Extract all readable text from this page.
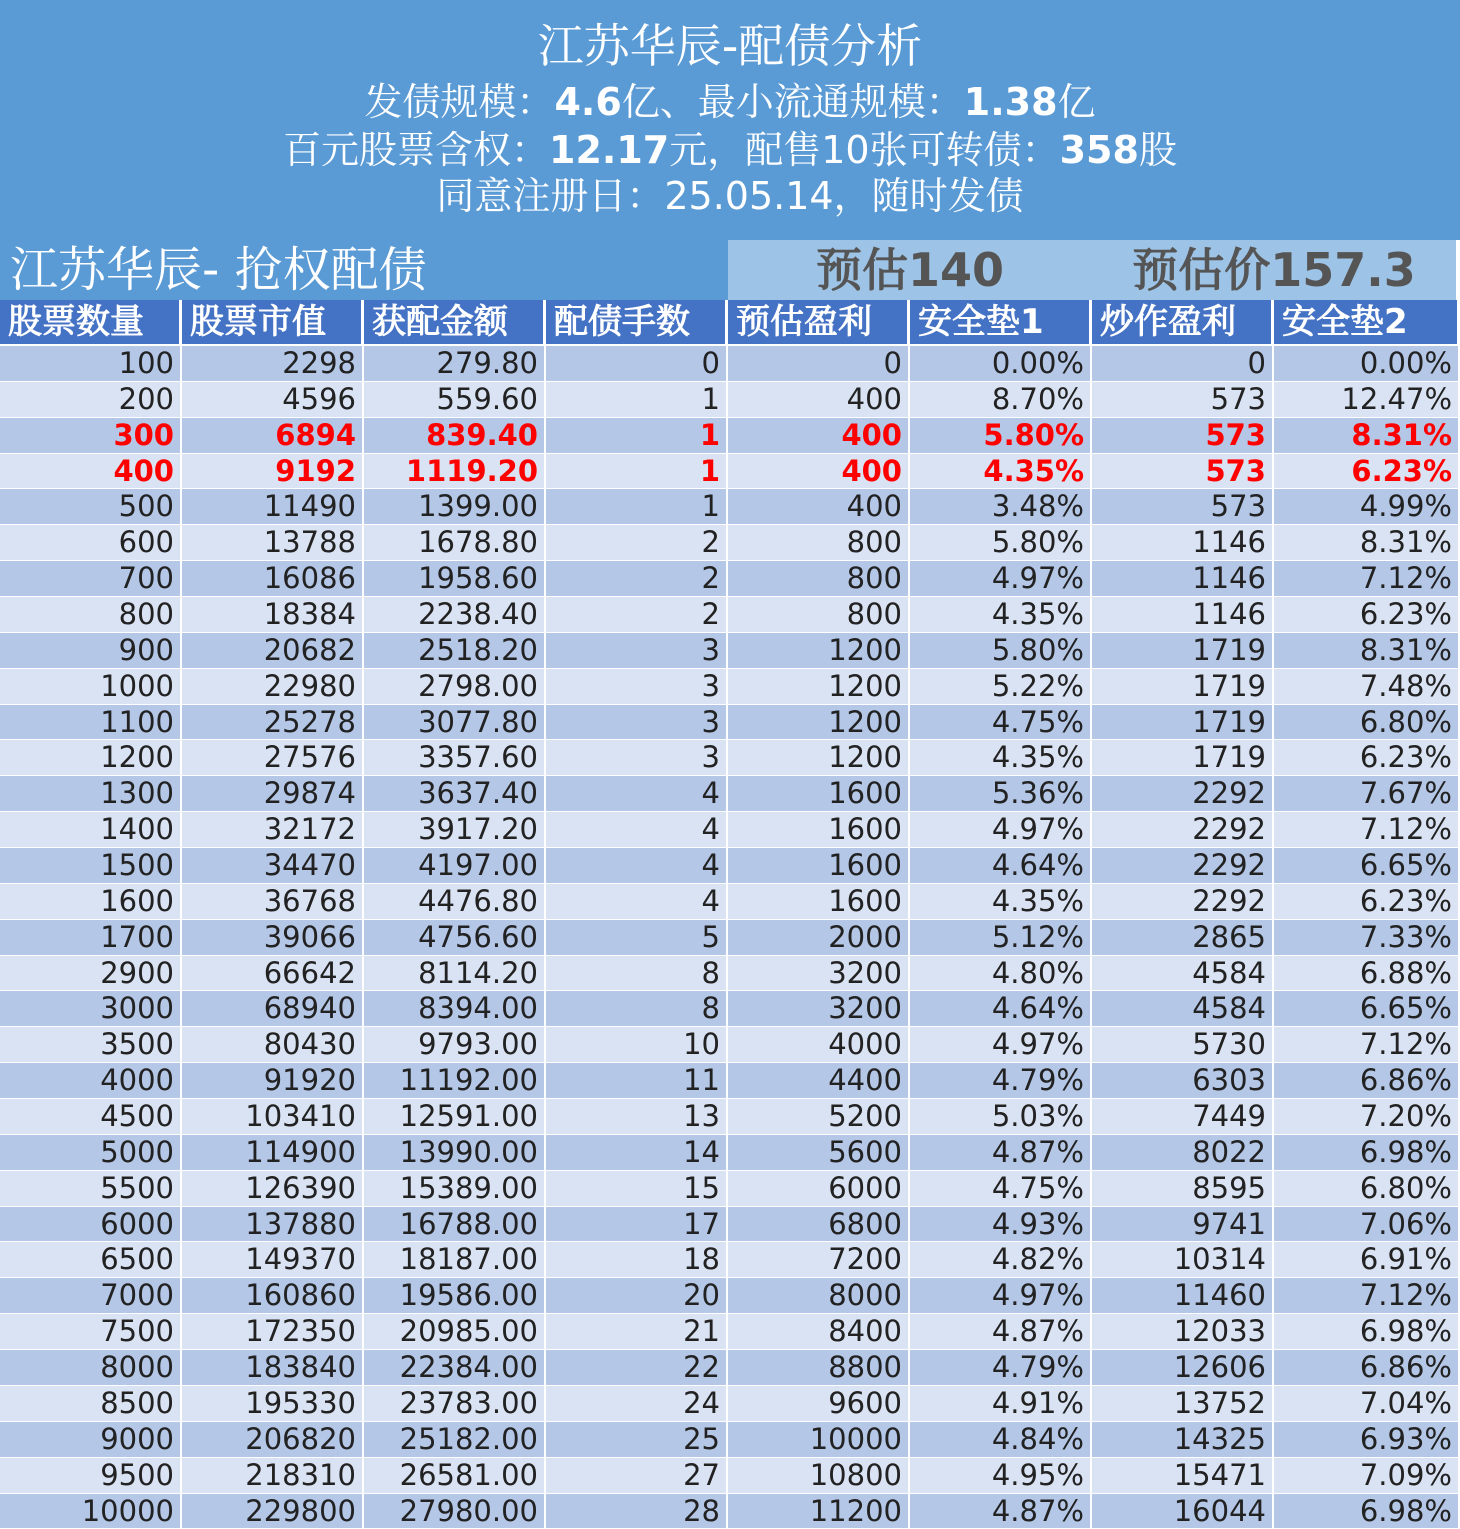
江苏华辰-配债分析
发债规模：4.6亿、最小流通规模：1.38亿
百元股票含权：12.17元，配售10张可转债：358股
同意注册日：25.05.14，随时发债
江苏华辰- 抢权配债	预估140	预估价157.3
股票数量	股票市值	获配金额	配债手数	预估盈利	安全垫1	炒作盈利	安全垫2
100	2298	279.80	0	0	0.00%	0	0.00%
200	4596	559.60	1	400	8.70%	573	12.47%
300	6894	839.40	1	400	5.80%	573	8.31%
400	9192	1119.20	1	400	4.35%	573	6.23%
500	11490	1399.00	1	400	3.48%	573	4.99%
600	13788	1678.80	2	800	5.80%	1146	8.31%
700	16086	1958.60	2	800	4.97%	1146	7.12%
800	18384	2238.40	2	800	4.35%	1146	6.23%
900	20682	2518.20	3	1200	5.80%	1719	8.31%
1000	22980	2798.00	3	1200	5.22%	1719	7.48%
1100	25278	3077.80	3	1200	4.75%	1719	6.80%
1200	27576	3357.60	3	1200	4.35%	1719	6.23%
1300	29874	3637.40	4	1600	5.36%	2292	7.67%
1400	32172	3917.20	4	1600	4.97%	2292	7.12%
1500	34470	4197.00	4	1600	4.64%	2292	6.65%
1600	36768	4476.80	4	1600	4.35%	2292	6.23%
1700	39066	4756.60	5	2000	5.12%	2865	7.33%
2900	66642	8114.20	8	3200	4.80%	4584	6.88%
3000	68940	8394.00	8	3200	4.64%	4584	6.65%
3500	80430	9793.00	10	4000	4.97%	5730	7.12%
4000	91920	11192.00	11	4400	4.79%	6303	6.86%
4500	103410	12591.00	13	5200	5.03%	7449	7.20%
5000	114900	13990.00	14	5600	4.87%	8022	6.98%
5500	126390	15389.00	15	6000	4.75%	8595	6.80%
6000	137880	16788.00	17	6800	4.93%	9741	7.06%
6500	149370	18187.00	18	7200	4.82%	10314	6.91%
7000	160860	19586.00	20	8000	4.97%	11460	7.12%
7500	172350	20985.00	21	8400	4.87%	12033	6.98%
8000	183840	22384.00	22	8800	4.79%	12606	6.86%
8500	195330	23783.00	24	9600	4.91%	13752	7.04%
9000	206820	25182.00	25	10000	4.84%	14325	6.93%
9500	218310	26581.00	27	10800	4.95%	15471	7.09%
10000	229800	27980.00	28	11200	4.87%	16044	6.98%
